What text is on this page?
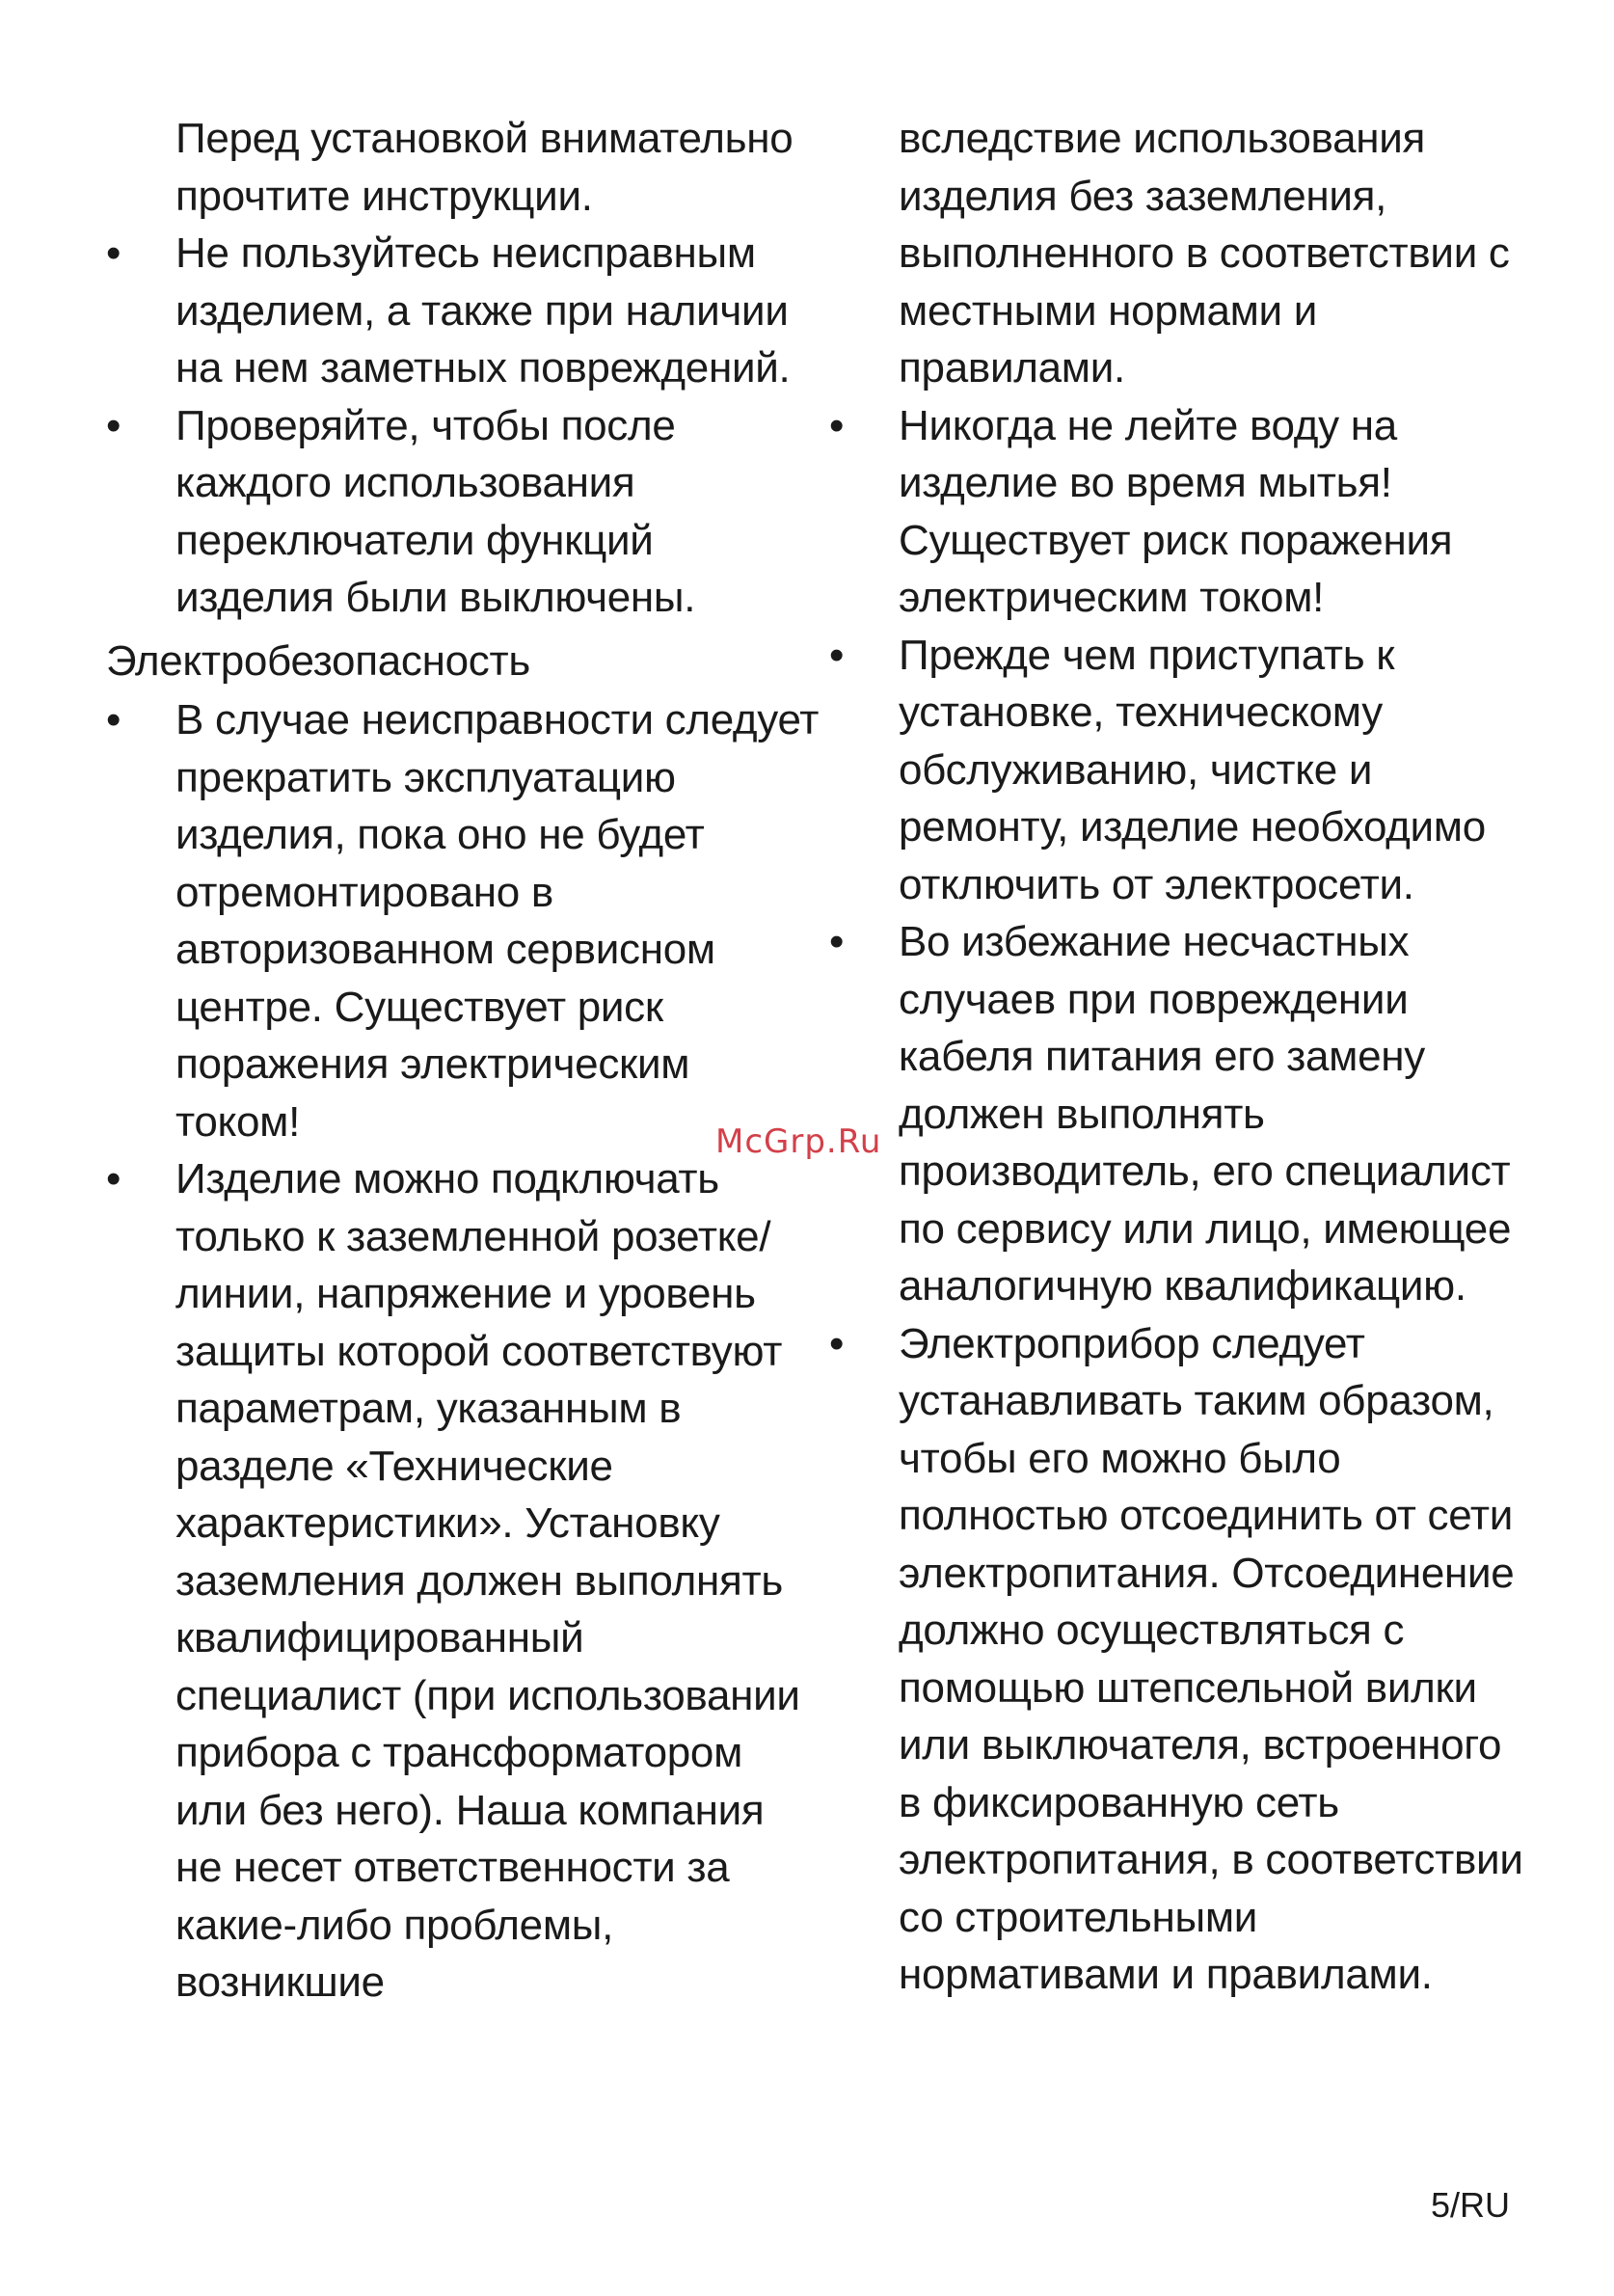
Перед установкой внимательно прочтите инструкции.
•	Не пользуйтесь неисправным изделием, а также при наличии на нем заметных повреждений.
•	Проверяйте, чтобы после каждого использования переключатели функций изделия были выключены.
Электробезопасность
•	В случае неисправности следует прекратить эксплуатацию изделия, пока оно не будет отремонтировано в авторизованном сервисном центре. Существует риск поражения электрическим током!
•	Изделие можно подключать только к заземленной розетке/линии, напряжение и уровень защиты которой соответствуют параметрам, указанным в разделе «Технические характеристики». Установку заземления должен выполнять квалифицированный специалист (при использовании прибора с трансформатором или без него). Наша компания не несет ответственности за какие-либо проблемы, возникшие
вследствие использования изделия без заземления, выполненного в соответствии с местными нормами и правилами.
•	Никогда не лейте воду на изделие во время мытья! Существует риск поражения электрическим током!
•	Прежде чем приступать к установке, техническому обслуживанию, чистке и ремонту, изделие необходимо отключить от электросети.
•	Во избежание несчастных случаев при повреждении кабеля питания его замену должен выполнять производитель, его специалист по сервису или лицо, имеющее аналогичную квалификацию.
•	Электроприбор следует устанавливать таким образом, чтобы его можно было полностью отсоединить от сети электропитания. Отсоединение должно осуществляться с помощью штепсельной вилки или выключателя, встроенного в фиксированную сеть электропитания, в соответствии со строительными нормативами и правилами.
McGrp.Ru
5/RU
